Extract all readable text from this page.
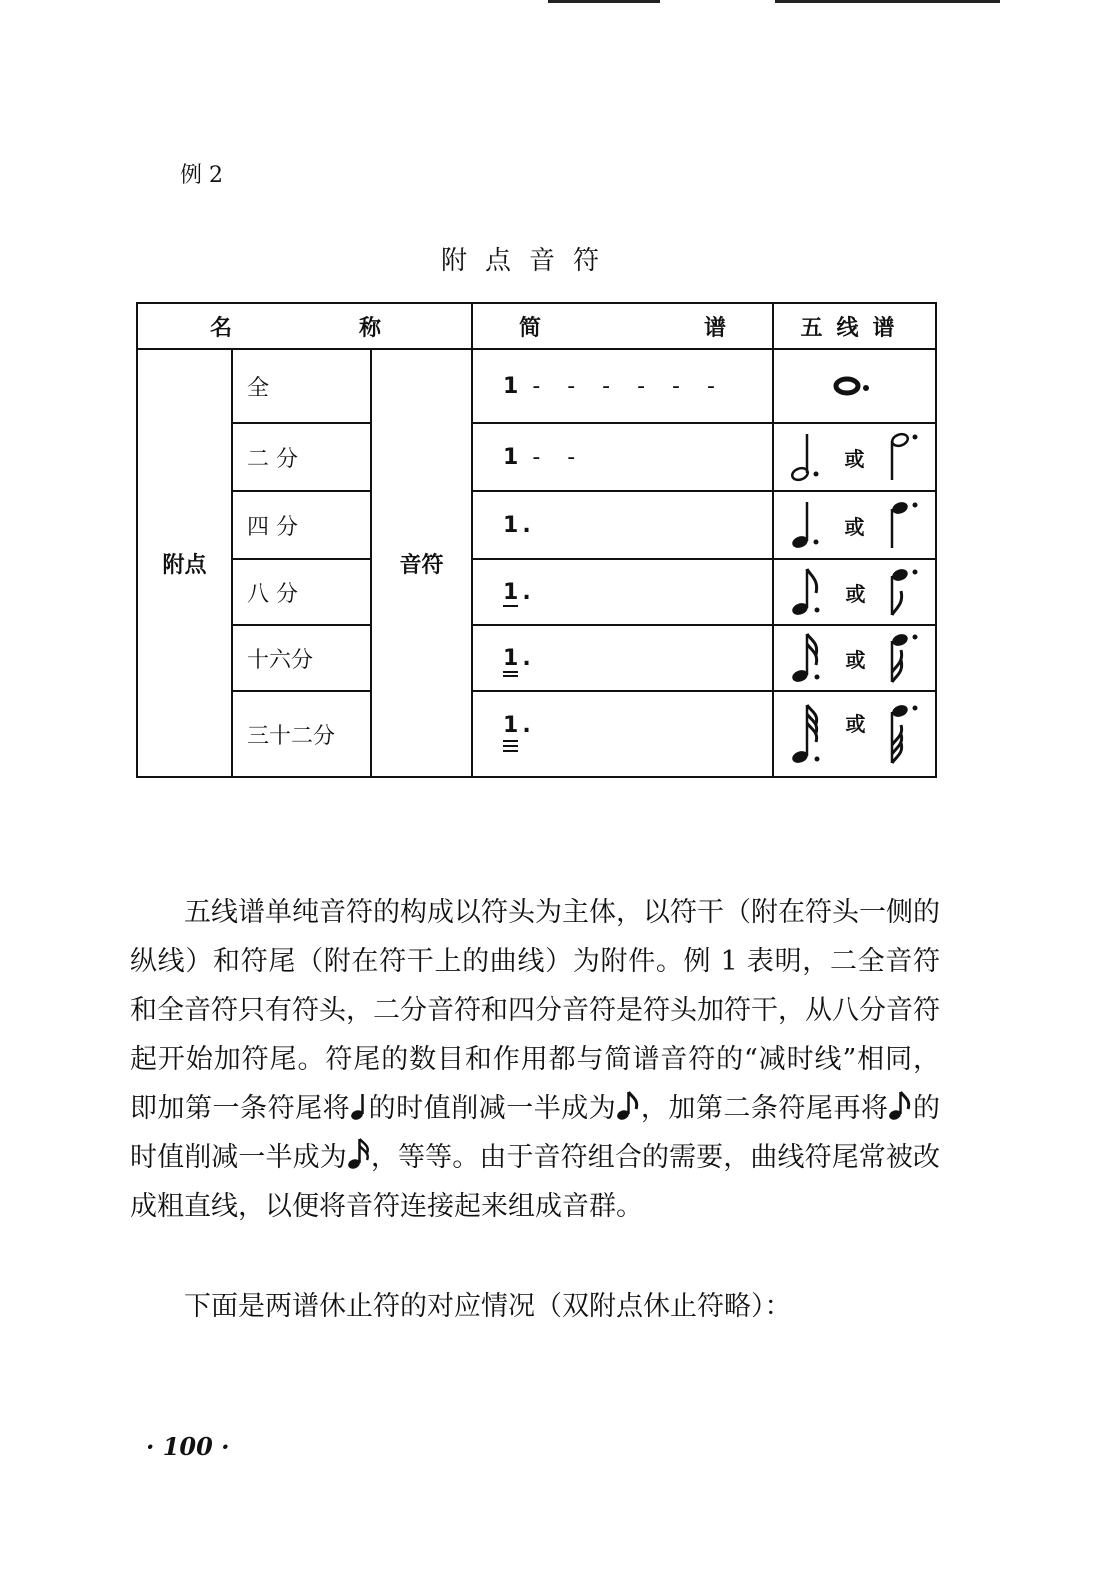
例 2
附点音符
名 称			简 谱	五线谱
附点	全	音符	1 - - - - - -	

	二 分		1 - -	或

	四 分		1 .	或

	八 分		1 .	或

	十六分		1 .	或

	三十二分		1 .	或
五线谱单纯音符的构成以符头为主体，以符干（附在符头一侧的纵线）和符尾（附在符干上的曲线）为附件。例 1 表明，二全音符和全音符只有符头，二分音符和四分音符是符头加符干，从八分音符起开始加符尾。符尾的数目和作用都与简谱音符的“减时线”相同，即加第一条符尾将 的时值削减一半成为 ，加第二条符尾再将 的时值削减一半成为 ，等等。由于音符组合的需要，曲线符尾常被改成粗直线，以便将音符连接起来组成音群。
下面是两谱休止符的对应情况（双附点休止符略）：
· 100 ·
